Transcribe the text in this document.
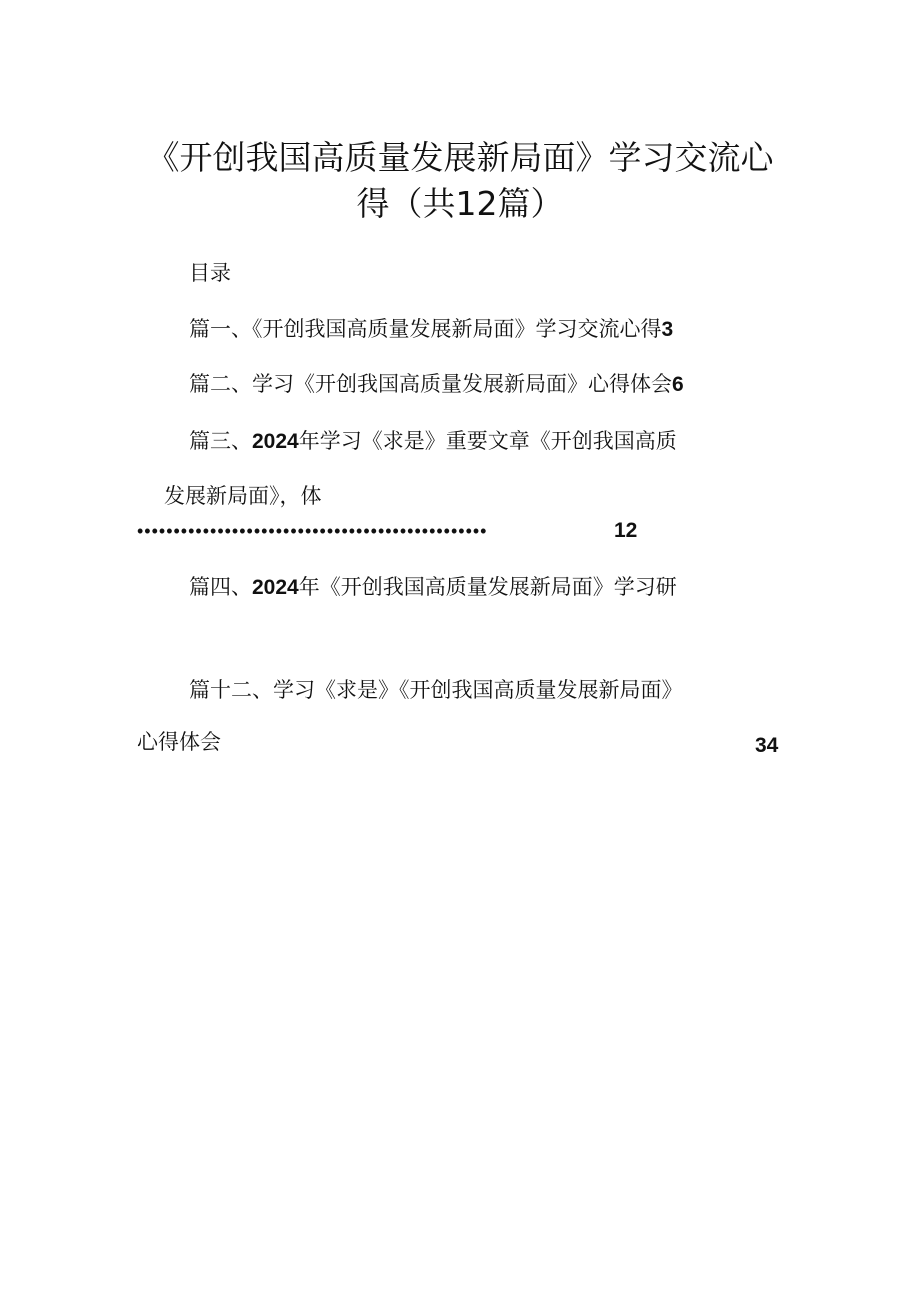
《开创我国高质量发展新局面》学习交流心
得（共12篇）
目录
篇一、《开创我国高质量发展新局面》学习交流心得3
篇二、学习《开创我国高质量发展新局面》心得体会6
篇三、2024年学习《求是》重要文章《开创我国高质
发展新局面》，体
••••••••••••••••••••••••••••••••••••••••••••••••	12
篇四、2024年《开创我国高质量发展新局面》学习研
篇十二、学习《求是》《开创我国高质量发展新局面》
心得体会	34
